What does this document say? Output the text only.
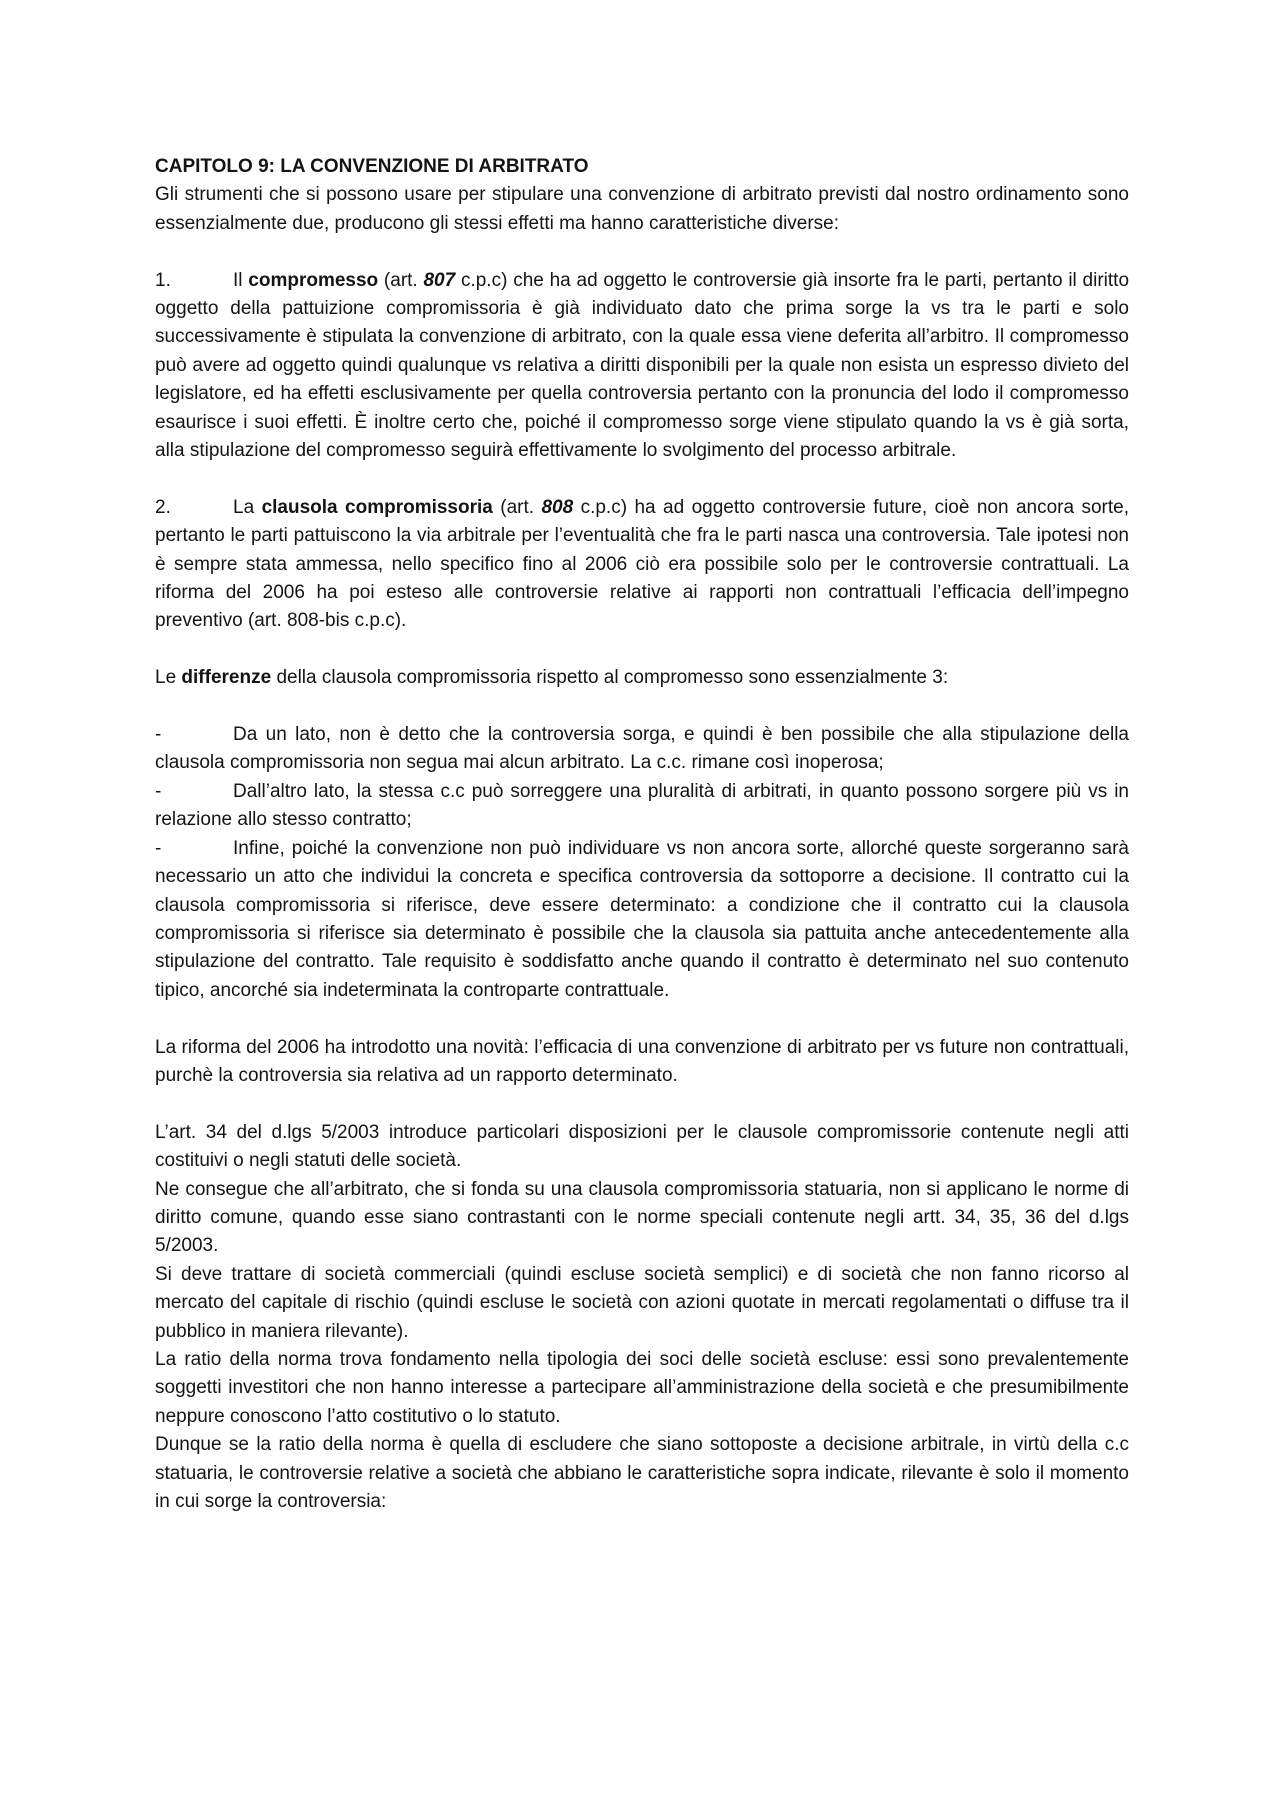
CAPITOLO 9: LA CONVENZIONE DI ARBITRATO

Gli strumenti che si possono usare per stipulare una convenzione di arbitrato previsti dal nostro ordinamento sono essenzialmente due, producono gli stessi effetti ma hanno caratteristiche diverse:

1.	Il compromesso (art. 807 c.p.c) che ha ad oggetto le controversie già insorte fra le parti, pertanto il diritto oggetto della pattuizione compromissoria è già individuato dato che prima sorge la vs tra le parti e solo successivamente è stipulata la convenzione di arbitrato, con la quale essa viene deferita all’arbitro. Il compromesso può avere ad oggetto quindi qualunque vs relativa a diritti disponibili per la quale non esista un espresso divieto del legislatore, ed ha effetti esclusivamente per quella controversia pertanto con la pronuncia del lodo il compromesso esaurisce i suoi effetti. È inoltre certo che, poiché il compromesso sorge viene stipulato quando la vs è già sorta, alla stipulazione del compromesso seguirà effettivamente lo svolgimento del processo arbitrale.

2.	La clausola compromissoria (art. 808 c.p.c) ha ad oggetto controversie future, cioè non ancora sorte, pertanto le parti pattuiscono la via arbitrale per l’eventualità che fra le parti nasca una controversia. Tale ipotesi non è sempre stata ammessa, nello specifico fino al 2006 ciò era possibile solo per le controversie contrattuali. La riforma del 2006 ha poi esteso alle controversie relative ai rapporti non contrattuali l’efficacia dell’impegno preventivo (art. 808-bis c.p.c).

Le differenze della clausola compromissoria rispetto al compromesso sono essenzialmente 3:

-	Da un lato, non è detto che la controversia sorga, e quindi è ben possibile che alla stipulazione della clausola compromissoria non segua mai alcun arbitrato. La c.c. rimane così inoperosa;

-	Dall’altro lato, la stessa c.c può sorreggere una pluralità di arbitrati, in quanto possono sorgere più vs in relazione allo stesso contratto;

-	Infine, poiché la convenzione non può individuare vs non ancora sorte, allorché queste sorgeranno sarà necessario un atto che individui la concreta e specifica controversia da sottoporre a decisione. Il contratto cui la clausola compromissoria si riferisce, deve essere determinato: a condizione che il contratto cui la clausola compromissoria si riferisce sia determinato è possibile che la clausola sia pattuita anche antecedentemente alla stipulazione del contratto. Tale requisito è soddisfatto anche quando il contratto è determinato nel suo contenuto tipico, ancorché sia indeterminata la controparte contrattuale.

La riforma del 2006 ha introdotto una novità: l’efficacia di una convenzione di arbitrato per vs future non contrattuali, purchè la controversia sia relativa ad un rapporto determinato.

L’art. 34 del d.lgs 5/2003 introduce particolari disposizioni per le clausole compromissorie contenute negli atti costituivi o negli statuti delle società.

Ne consegue che all’arbitrato, che si fonda su una clausola compromissoria statuaria, non si applicano le norme di diritto comune, quando esse siano contrastanti con le norme speciali contenute negli artt. 34, 35, 36 del d.lgs 5/2003.

Si deve trattare di società commerciali (quindi escluse società semplici) e di società che non fanno ricorso al mercato del capitale di rischio (quindi escluse le società con azioni quotate in mercati regolamentati o diffuse tra il pubblico in maniera rilevante).

La ratio della norma trova fondamento nella tipologia dei soci delle società escluse: essi sono prevalentemente soggetti investitori che non hanno interesse a partecipare all’amministrazione della società e che presumibilmente neppure conoscono l’atto costitutivo o lo statuto.

Dunque se la ratio della norma è quella di escludere che siano sottoposte a decisione arbitrale, in virtù della c.c statuaria, le controversie relative a società che abbiano le caratteristiche sopra indicate, rilevante è solo il momento in cui sorge la controversia:
